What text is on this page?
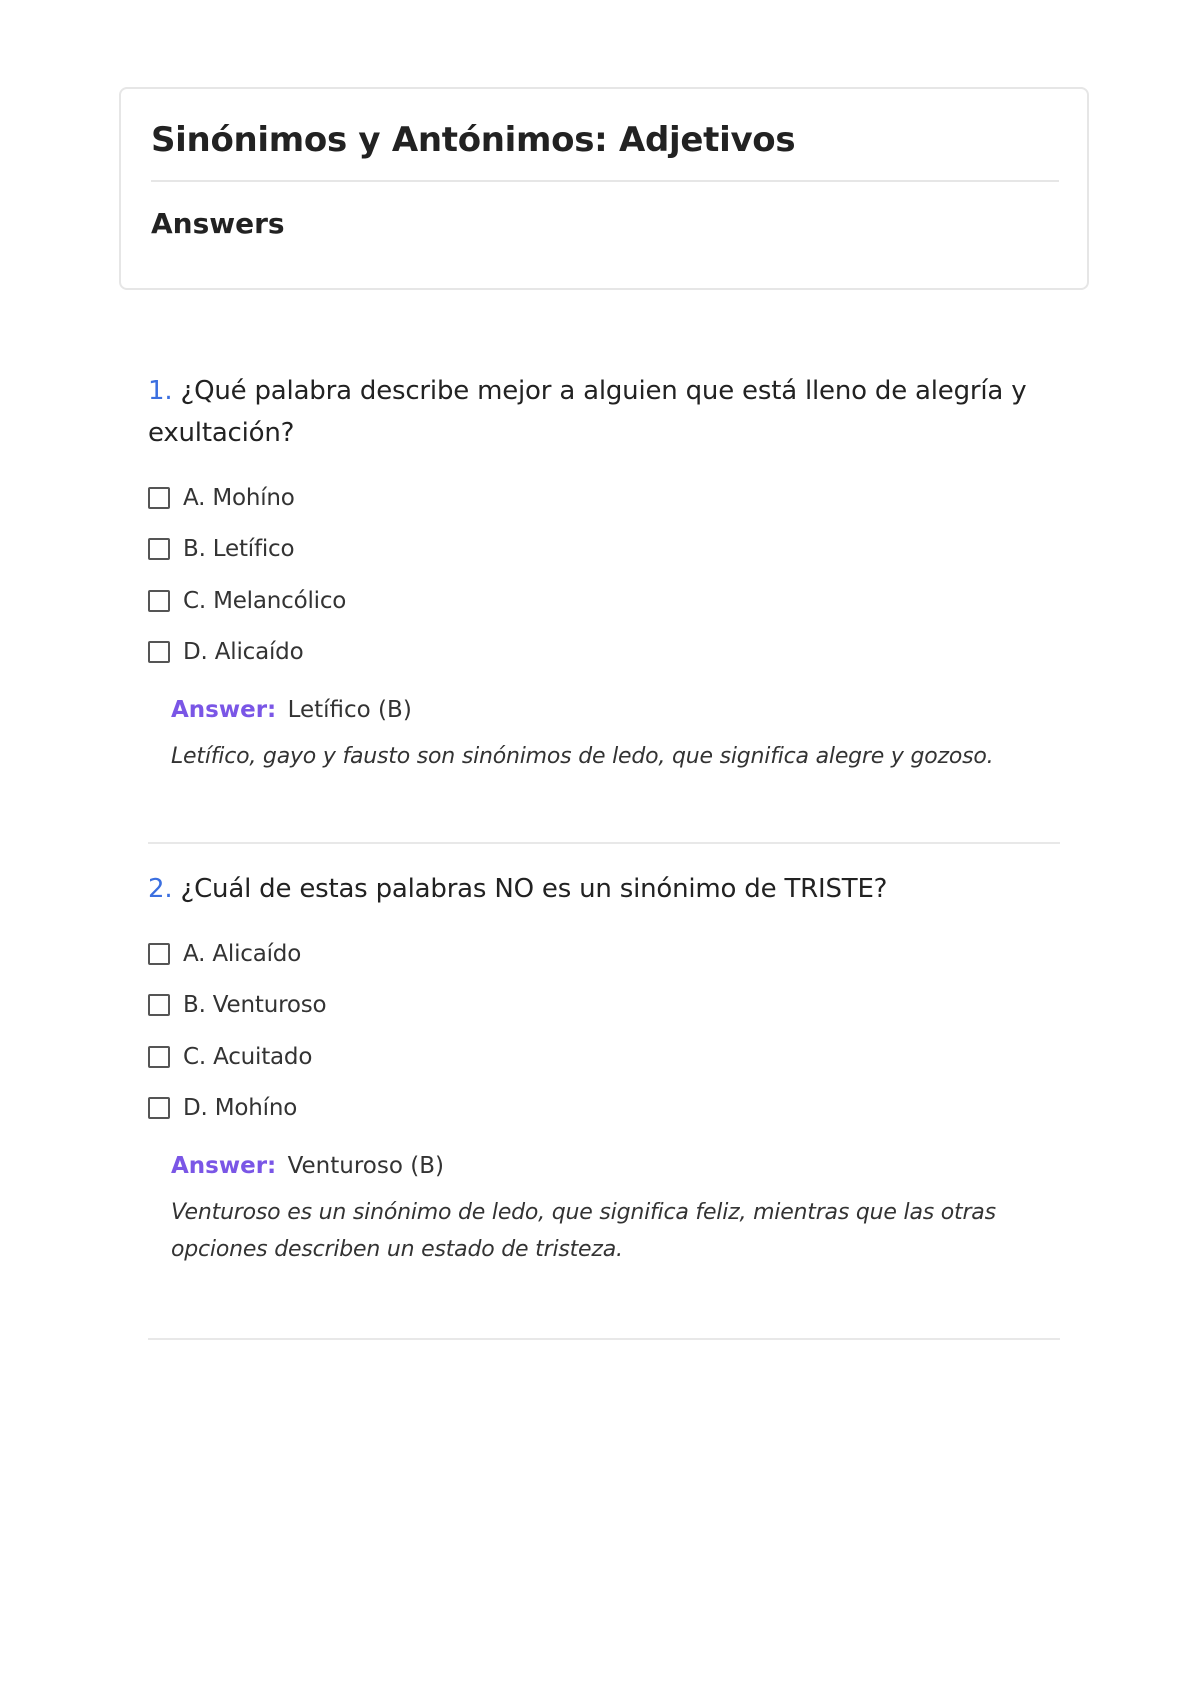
Sinónimos y Antónimos: Adjetivos
Answers

1. ¿Qué palabra describe mejor a alguien que está lleno de alegría y exultación?

A. Mohíno
B. Letífico
C. Melancólico
D. Alicaído
Answer: Letífico (B)

Letífico, gayo y fausto son sinónimos de ledo, que significa alegre y gozoso.

2. ¿Cuál de estas palabras NO es un sinónimo de TRISTE?

A. Alicaído
B. Venturoso
C. Acuitado
D. Mohíno
Answer: Venturoso (B)

Venturoso es un sinónimo de ledo, que significa feliz, mientras que las otras opciones describen un estado de tristeza.
